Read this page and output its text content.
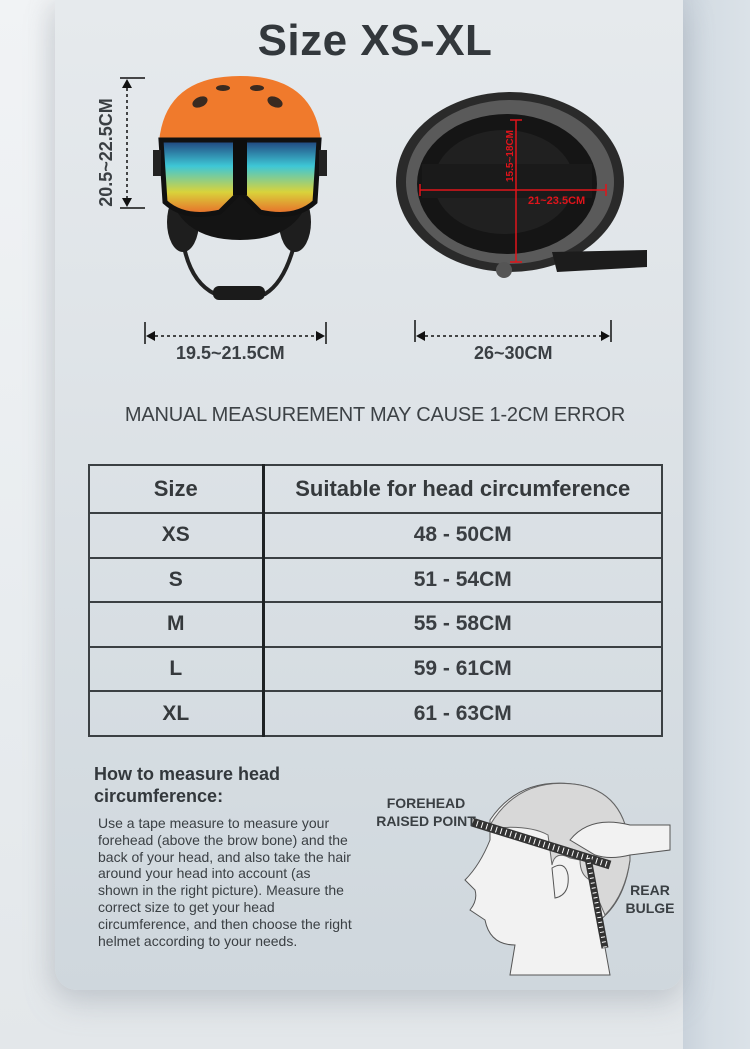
Size XS-XL
20.5~22.5CM
19.5~21.5CM
21~23.5CM
15.5~18CM
26~30CM
MANUAL MEASUREMENT MAY CAUSE 1-2CM ERROR
Size	Suitable for head circumference
XS	48 - 50CM
S	51 - 54CM
M	55 - 58CM
L	59 - 61CM
XL	61 - 63CM
How to measure head circumference:
Use a tape measure to measure your forehead (above the brow bone) and the back of your head, and also take the hair around your head into account (as shown in the right picture). Measure the correct size to get your head circumference, and then choose the right helmet according to your needs.
FOREHEAD
RAISED POINT
REAR
BULGE
